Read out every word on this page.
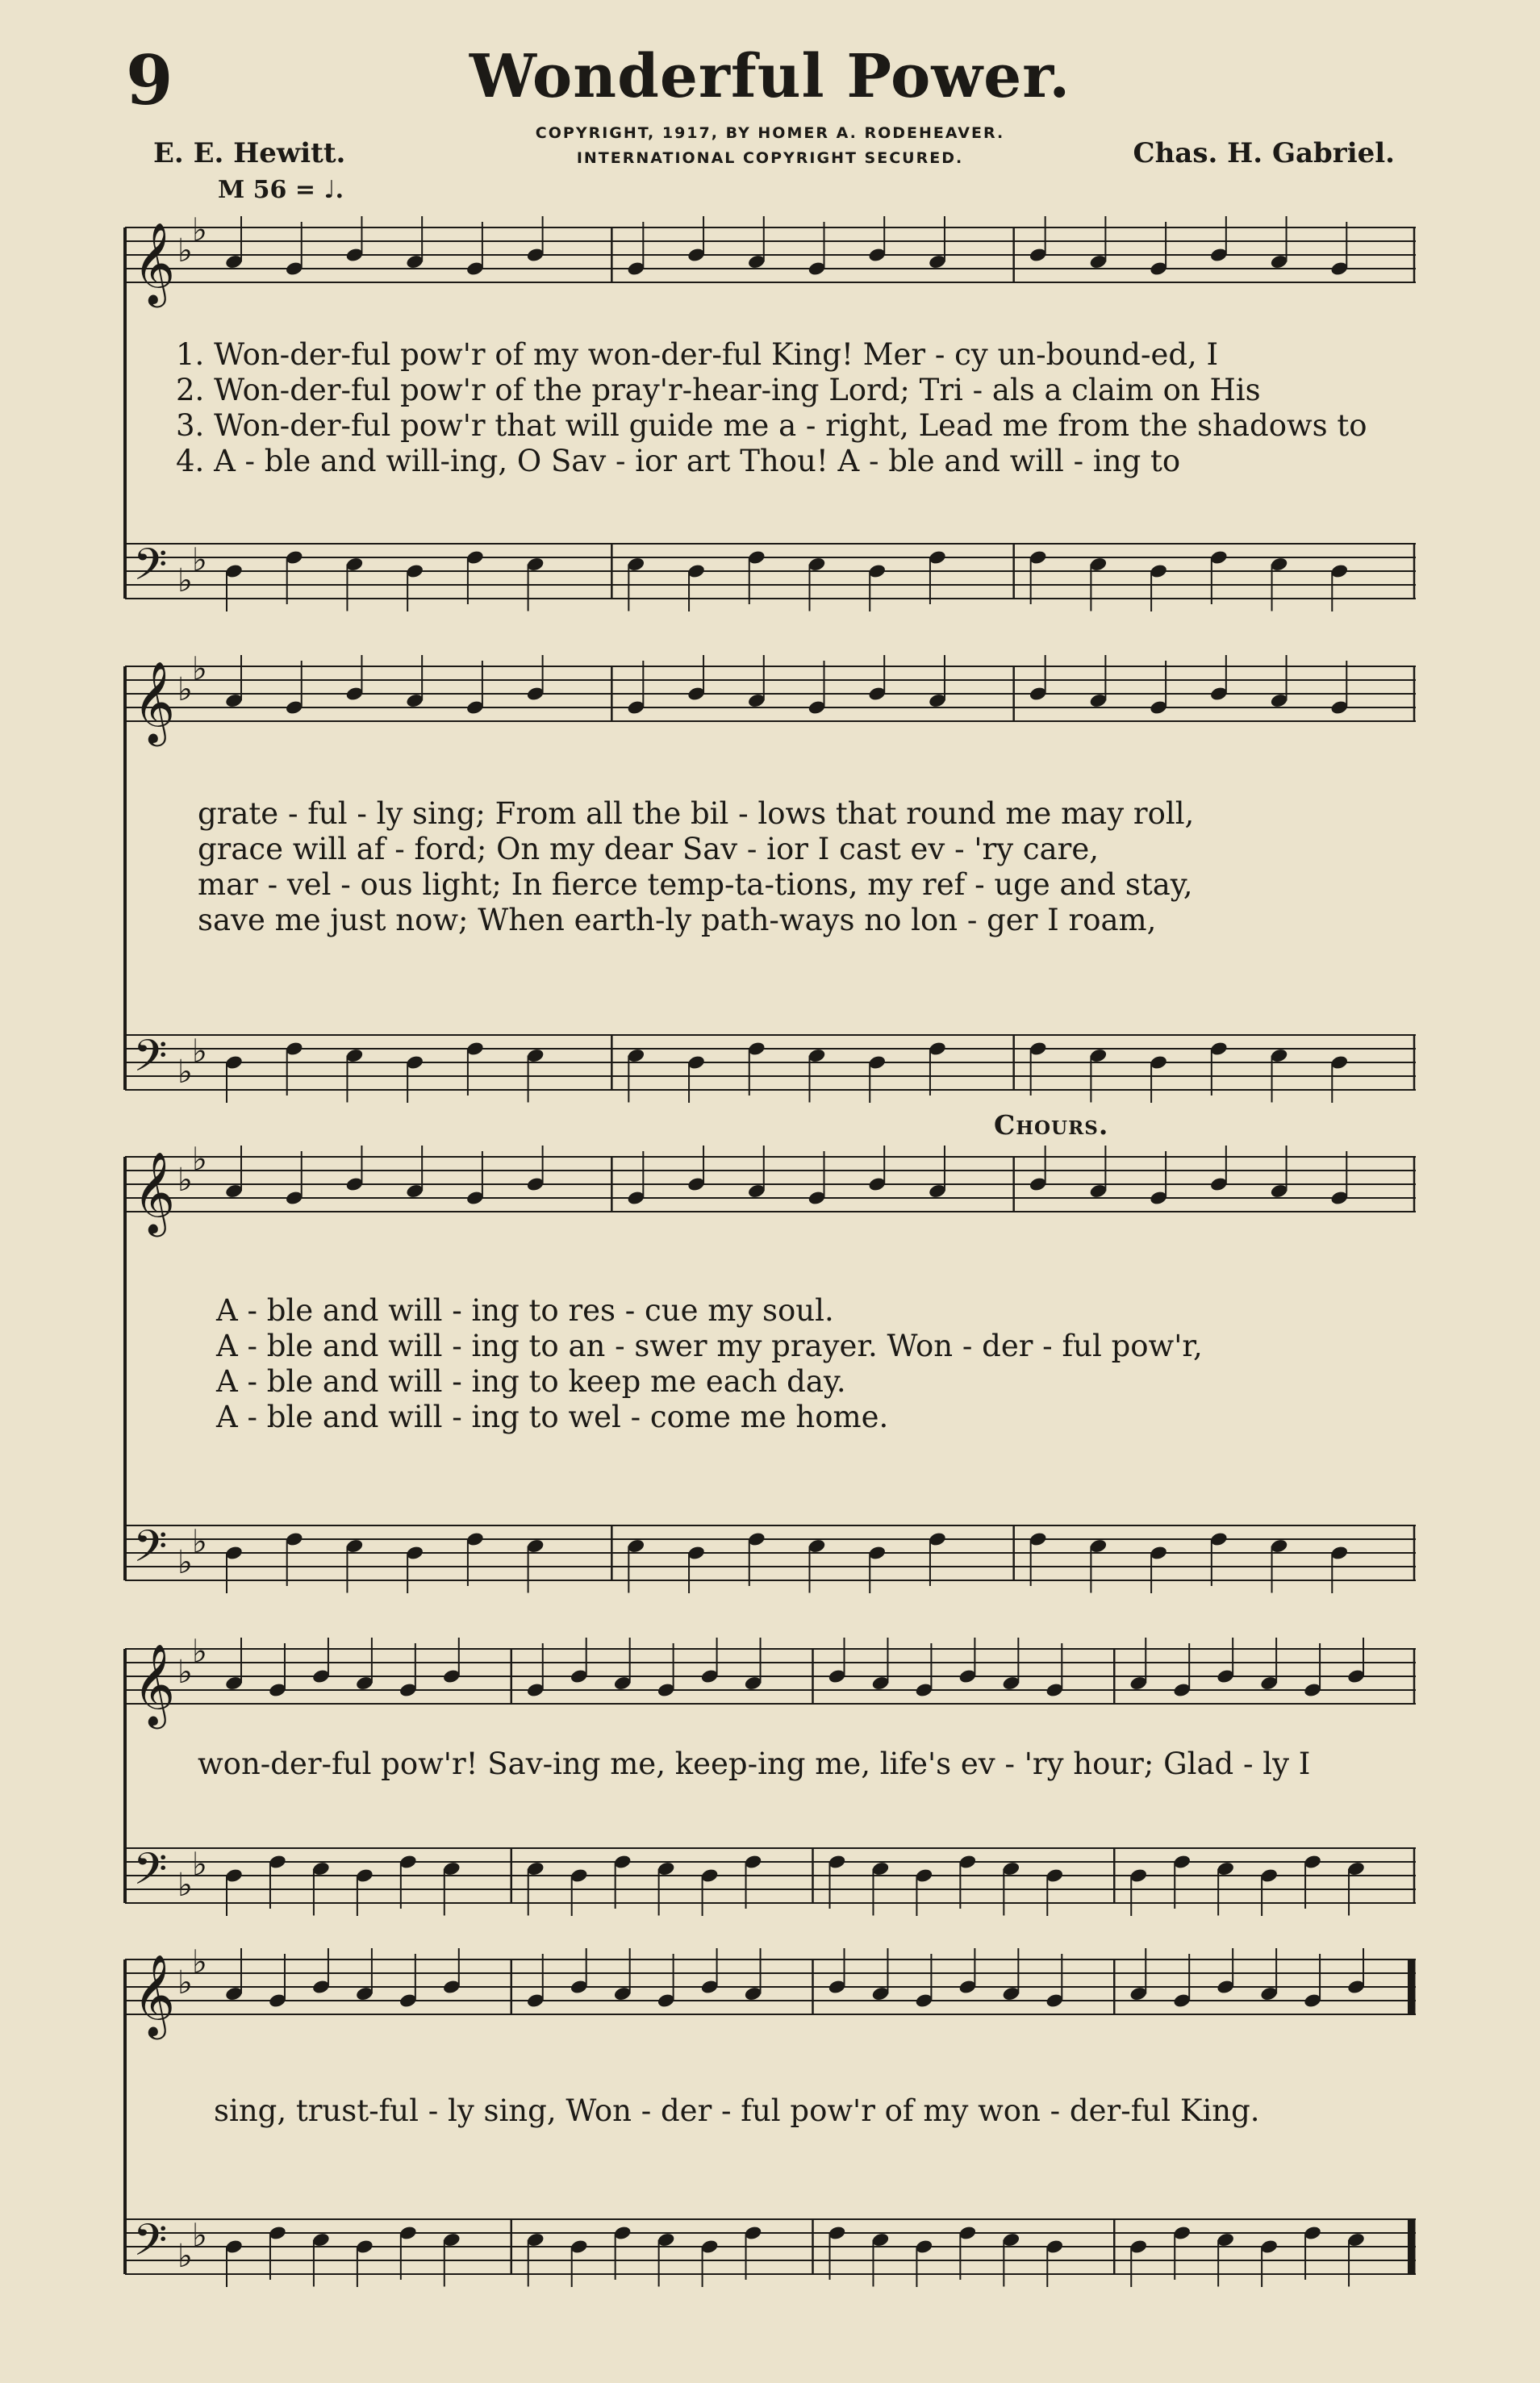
9	Wonderful Power.
COPYRIGHT, 1917, BY HOMER A. RODEHEAVER.
INTERNATIONAL COPYRIGHT SECURED.
E. E. Hewitt.	Chas. H. Gabriel.
M 56 = ♩.
𝄞
𝄢
♭
♭
♭
♭
1. Won-der-ful pow'r of my won-der-ful King! Mer - cy un-bound-ed, I
2. Won-der-ful pow'r of the pray'r-hear-ing Lord; Tri - als a claim on His
3. Won-der-ful pow'r that will guide me a - right, Lead me from the shadows to
4. A - ble and will-ing, O Sav - ior art Thou! A - ble and will - ing to
𝄞
𝄢
♭
♭
♭
♭
grate - ful - ly sing; From all the bil - lows that round me may roll,
grace will af - ford; On my dear Sav - ior I cast ev - 'ry care,
mar - vel - ous light; In fierce temp-ta-tions, my ref - uge and stay,
save me just now; When earth-ly path-ways no lon - ger I roam,
Chours.
𝄞
𝄢
♭
♭
♭
♭
A - ble and will - ing to res - cue my soul.
A - ble and will - ing to an - swer my prayer. Won - der - ful pow'r,
A - ble and will - ing to keep me each day.
A - ble and will - ing to wel - come me home.
𝄞
𝄢
♭
♭
♭
♭
won-der-ful pow'r! Sav-ing me, keep-ing me, life's ev - 'ry hour; Glad - ly I
𝄞
𝄢
♭
♭
♭
♭
sing, trust-ful - ly sing, Won - der - ful pow'r of my won - der-ful King.
